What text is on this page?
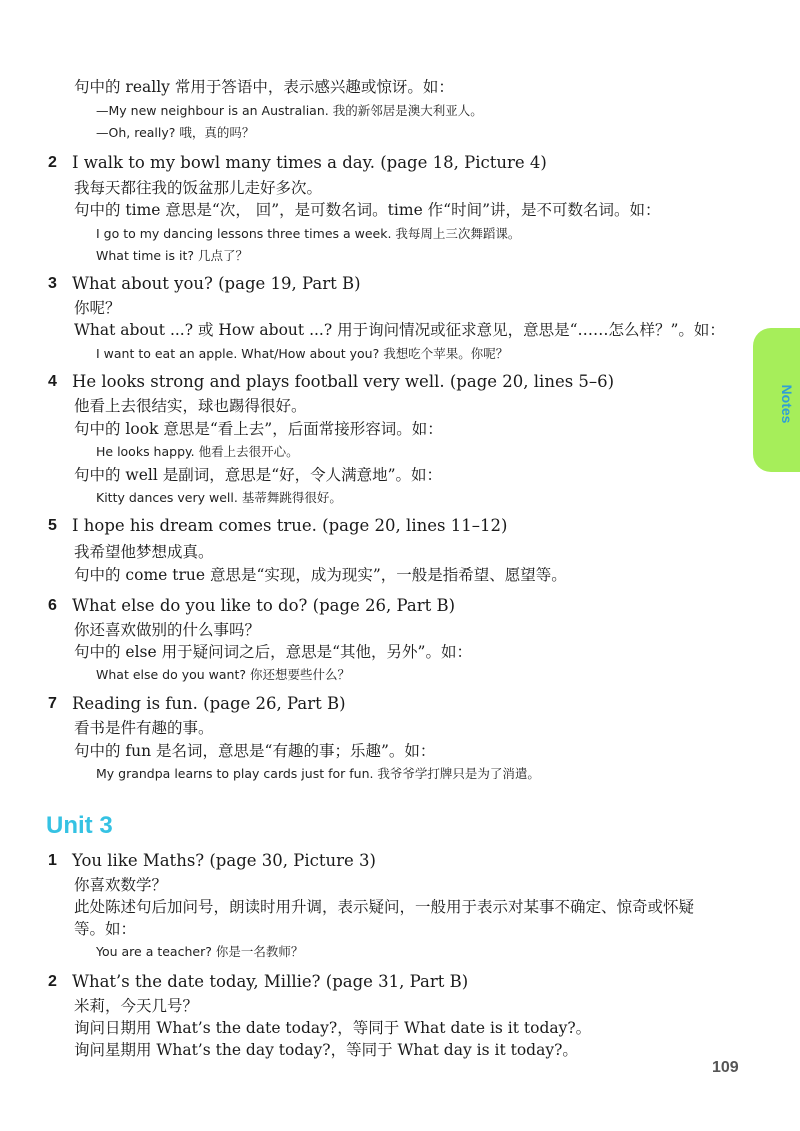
句中的 really 常用于答语中，表示感兴趣或惊讶。如：
—My new neighbour is an Australian. 我的新邻居是澳大利亚人。
—Oh, really? 哦，真的吗？
2 I walk to my bowl many times a day. (page 18, Picture 4)
我每天都往我的饭盆那儿走好多次。
句中的 time 意思是“次， 回”，是可数名词。time 作“时间”讲，是不可数名词。如：
I go to my dancing lessons three times a week. 我每周上三次舞蹈课。
What time is it? 几点了？
3 What about you? (page 19, Part B)
你呢？
What about ...? 或 How about ...? 用于询问情况或征求意见，意思是“……怎么样？”。如：
I want to eat an apple. What/How about you? 我想吃个苹果。你呢？
4 He looks strong and plays football very well. (page 20, lines 5–6)
他看上去很结实，球也踢得很好。
句中的 look 意思是“看上去”，后面常接形容词。如：
He looks happy. 他看上去很开心。
句中的 well 是副词，意思是“好，令人满意地”。如：
Kitty dances very well. 基蒂舞跳得很好。
5 I hope his dream comes true. (page 20, lines 11–12)
我希望他梦想成真。
句中的 come true 意思是“实现，成为现实”，一般是指希望、愿望等。
6 What else do you like to do? (page 26, Part B)
你还喜欢做别的什么事吗？
句中的 else 用于疑问词之后，意思是“其他，另外”。如：
What else do you want? 你还想要些什么？
7 Reading is fun. (page 26, Part B)
看书是件有趣的事。
句中的 fun 是名词，意思是“有趣的事；乐趣”。如：
My grandpa learns to play cards just for fun. 我爷爷学打牌只是为了消遣。
Unit 3
1 You like Maths? (page 30, Picture 3)
你喜欢数学？
此处陈述句后加问号，朗读时用升调，表示疑问，一般用于表示对某事不确定、惊奇或怀疑
等。如：
You are a teacher? 你是一名教师？
2 What’s the date today, Millie? (page 31, Part B)
米莉，今天几号？
询问日期用 What’s the date today?，等同于 What date is it today?。
询问星期用 What’s the day today?，等同于 What day is it today?。
Notes
109
